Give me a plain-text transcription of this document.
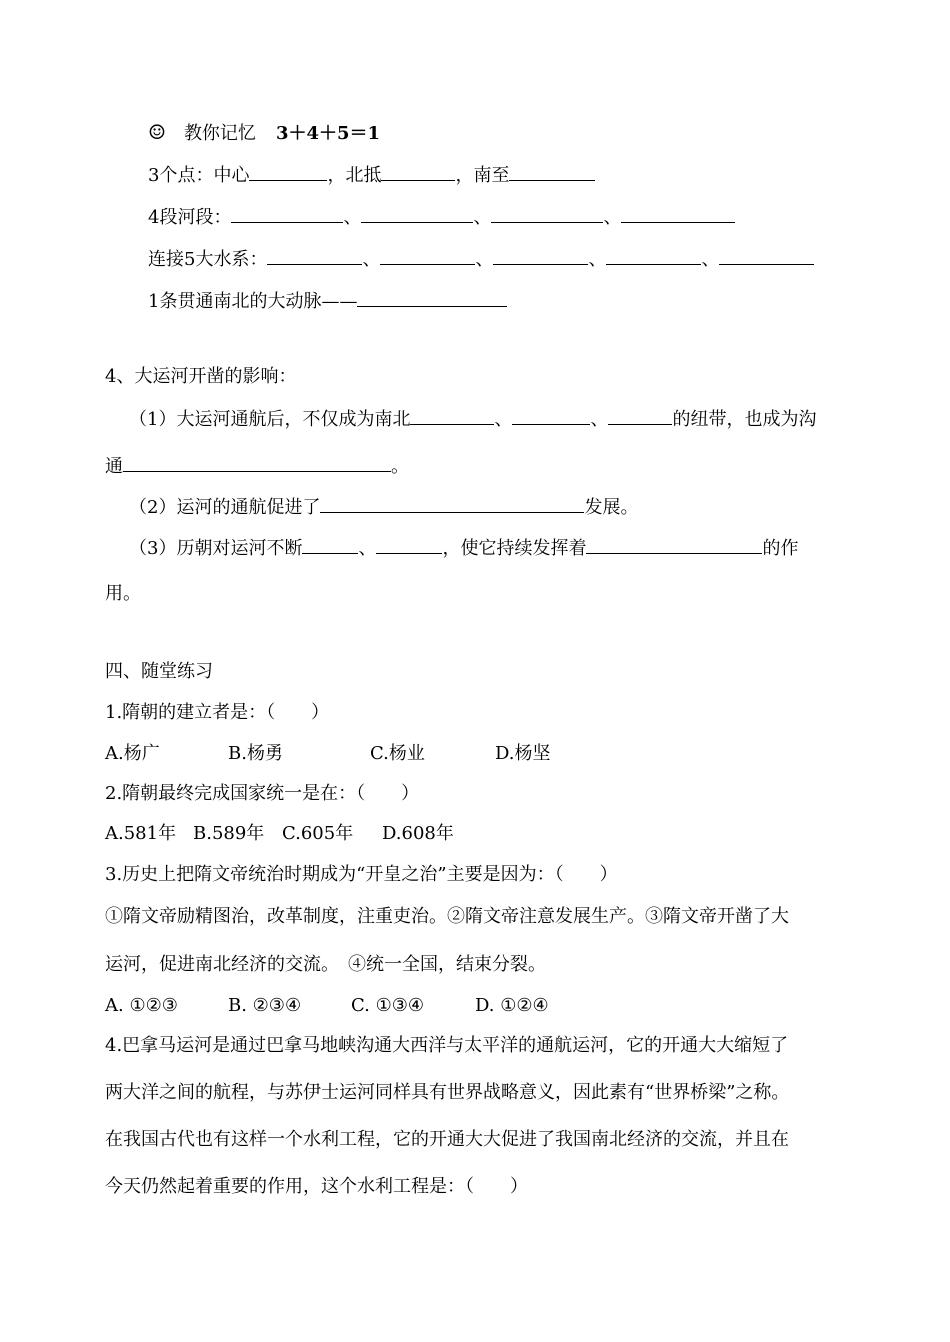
☺ 教你记忆 3＋4＋5＝1
3个点：中心	，北抵	，南至
4段河段：	、	、	、
连接5大水系：	、	、	、	、
1条贯通南北的大动脉——
4、大运河开凿的影响：
（1）大运河通航后，不仅成为南北	、	、	的纽带，也成为沟
通	。
（2）运河的通航促进了	发展。
（3）历朝对运河不断	、	，使它持续发挥着	的作
用。
四、随堂练习
1.隋朝的建立者是：（　　）
A.杨广	B.杨勇	C.杨业	D.杨坚
2.隋朝最终完成国家统一是在：（　　）
A.581年 B.589年 C.605年 D.608年
3.历史上把隋文帝统治时期成为“开皇之治”主要是因为：（　　）
①隋文帝励精图治，改革制度，注重吏治。②隋文帝注意发展生产。③隋文帝开凿了大
运河，促进南北经济的交流。　④统一全国，结束分裂。
A. ①②③	B. ②③④	C. ①③④	D. ①②④
4.巴拿马运河是通过巴拿马地峡沟通大西洋与太平洋的通航运河，它的开通大大缩短了
两大洋之间的航程，与苏伊士运河同样具有世界战略意义，因此素有“世界桥梁”之称。
在我国古代也有这样一个水利工程，它的开通大大促进了我国南北经济的交流，并且在
今天仍然起着重要的作用，这个水利工程是：（　　）
